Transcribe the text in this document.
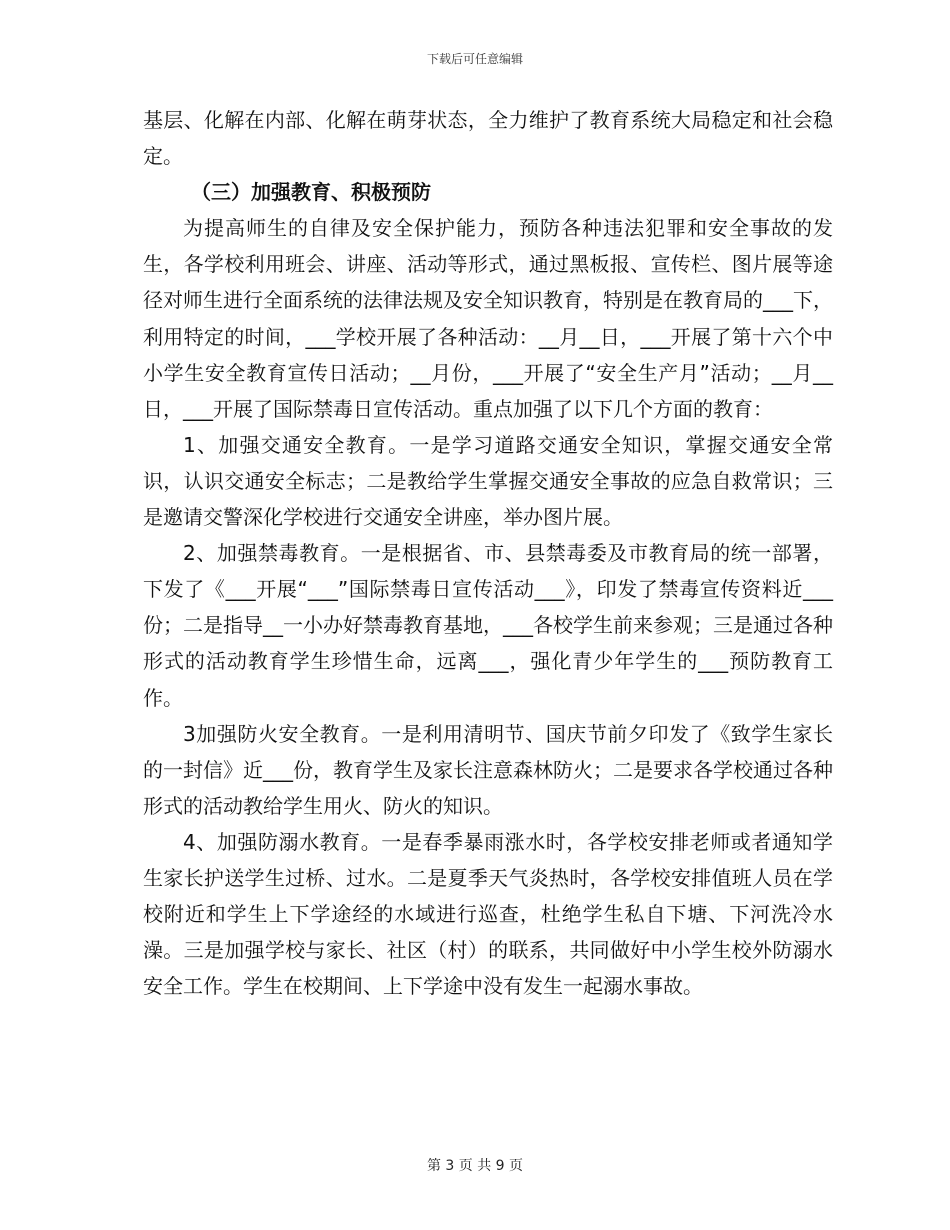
下载后可任意编辑

基层、化解在内部、化解在萌芽状态，全力维护了教育系统大局稳定和社会稳定。

（三）加强教育、积极预防

为提高师生的自律及安全保护能力，预防各种违法犯罪和安全事故的发生，各学校利用班会、讲座、活动等形式，通过黑板报、宣传栏、图片展等途径对师生进行全面系统的法律法规及安全知识教育，特别是在教育局的___下，利用特定的时间，___学校开展了各种活动：__月__日，___开展了第十六个中小学生安全教育宣传日活动；__月份，___开展了“安全生产月”活动；__月__日，___开展了国际禁毒日宣传活动。重点加强了以下几个方面的教育：

1、加强交通安全教育。一是学习道路交通安全知识，掌握交通安全常识，认识交通安全标志；二是教给学生掌握交通安全事故的应急自救常识；三是邀请交警深化学校进行交通安全讲座，举办图片展。

2、加强禁毒教育。一是根据省、市、县禁毒委及市教育局的统一部署，下发了《___开展“___”国际禁毒日宣传活动___》，印发了禁毒宣传资料近___份；二是指导__一小办好禁毒教育基地，___各校学生前来参观；三是通过各种形式的活动教育学生珍惜生命，远离___，强化青少年学生的___预防教育工作。

3加强防火安全教育。一是利用清明节、国庆节前夕印发了《致学生家长的一封信》近___份，教育学生及家长注意森林防火；二是要求各学校通过各种形式的活动教给学生用火、防火的知识。

4、加强防溺水教育。一是春季暴雨涨水时，各学校安排老师或者通知学生家长护送学生过桥、过水。二是夏季天气炎热时，各学校安排值班人员在学校附近和学生上下学途经的水域进行巡查，杜绝学生私自下塘、下河洗冷水澡。三是加强学校与家长、社区（村）的联系，共同做好中小学生校外防溺水安全工作。学生在校期间、上下学途中没有发生一起溺水事故。

第 3 页 共 9 页
